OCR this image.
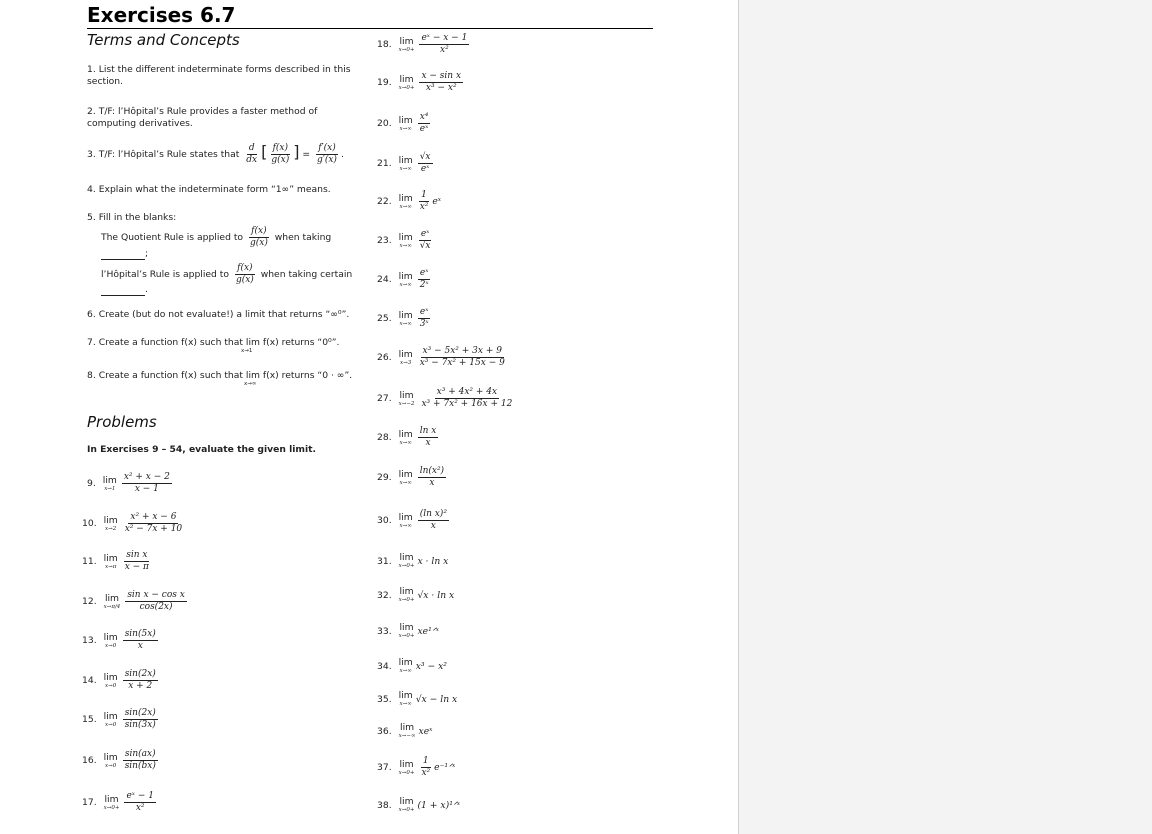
Exercises 6.7
Terms and Concepts
1. List the different indeterminate forms described in this section.
2. T/F: l’Hôpital’s Rule provides a faster method of computing derivatives.
3. T/F: l’Hôpital’s Rule states that $\frac{d}{dx}$ [ $\frac{f(x)}{g(x)}$ ] = $\frac{f'(x)}{g'(x)}$ .
4. Explain what the indeterminate form “1∞” means.
5. Fill in the blanks:
The Quotient Rule is applied to $\frac{f(x)}{g(x)}$ when taking
;
l’Hôpital’s Rule is applied to $\frac{f(x)}{g(x)}$ when taking certain
.
6. Create (but do not evaluate!) a limit that returns “∞⁰”.
7. Create a function f(x) such that lim f(x) returns “0⁰”.
x→1
8. Create a function f(x) such that lim f(x) returns “0 · ∞”.
x→∞
Problems
In Exercises 9 – 54, evaluate the given limit.
9. lim
$x\to 1 \frac{\text{x² + x − 2}}{x - 1}$
10. lim
$x\to 2 \frac{\text{x² + x − 6}}{\text{x² − 7x + 10}}$
11. lim
$x\to\pi \frac{\text{sin x}}{x - \pi}$
12. lim
$x\to\pi/4 \frac{\text{sin x − cos x}}{\cos(2x)}$
13. lim
$x\to 0 \frac{\sin(5x)}{x}$
14. lim
$x\to 0 \frac{\sin(2x)}{x + 2}$
15. lim
$x\to 0 \frac{\sin(2x)}{\sin(3x)}$
16. lim
$x\to 0 \frac{\sin(ax)}{\sin(bx)}$
17. lim
$x\to 0+ \frac{\text{eˣ − 1}}{\text{x²}}$
18. lim
$x\to 0+ \frac{\text{eˣ − x − 1}}{\text{x²}}$
19. lim
$x\to 0+ \frac{\text{x − sin x}}{\text{x³ − x²}}$
20. lim
$x\to\infty \frac{\text{x⁴}}{\text{eˣ}}$
21. lim
$x\to\infty \frac{√x}{\text{eˣ}}$
22. lim
$x\to\infty \frac{1}{\text{x²}}$ eˣ
23. lim
$x\to\infty \frac{\text{eˣ}}{√x}$
24. lim
$x\to\infty \frac{\text{eˣ}}{\text{2ˣ}}$
25. lim
$x\to\infty \frac{\text{eˣ}}{\text{3ˣ}}$
26. lim
$x\to 3 \frac{\text{x³ − 5x² + 3x + 9}}{\text{x³ − 7x² + 15x − 9}}$
27. lim
$x\to-2 \frac{\text{x³ + 4x² + 4x}}{\text{x³ + 7x² + 16x + 12}}$
28. lim
$x\to\infty \frac{\text{ln x}}{x}$
29. lim
$x\to\infty \frac{\text{ln(x²)}}{x}$
30. lim
$x\to\infty \frac{\text{(ln x)²}}{x}$
31. lim
x→0+ x · ln x
32. lim
x→0+ √x · ln x
33. lim
x→0+ xe¹ᐟˣ
34. lim
x→∞ x³ − x²
35. lim
x→∞ √x − ln x
36. lim
x→−∞ xeˣ
37. lim
$x\to 0+ \frac{1}{\text{x²}}$ e⁻¹ᐟˣ
38. lim
x→0+ (1 + x)¹ᐟˣ
